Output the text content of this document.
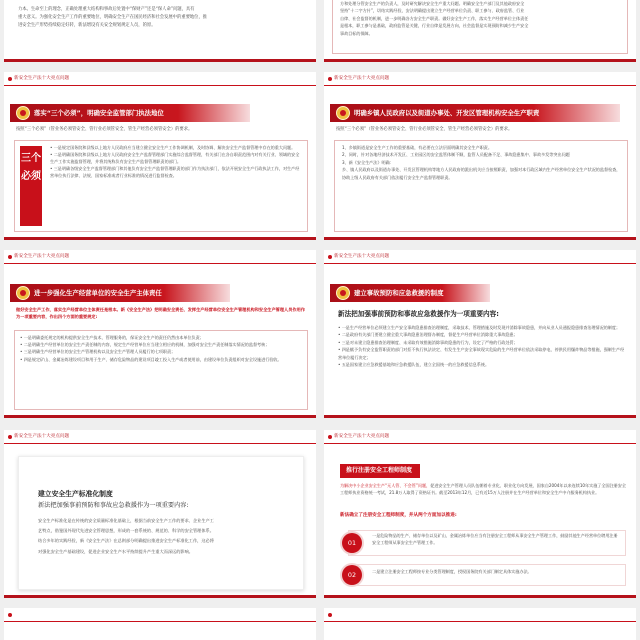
力本。生命至上的理念，正确处理重大结构和事故后处置中“保财产”还是“保人命”问题，具有

重大意义。为强化安全生产工作的重要地位，明确安全生产在国民经济和社会发展中的重要地位，推

进安全生产形势持续稳定好转，新法增设有关安全规划规定人员，的原。

方和处理分管安全生产的负责人，及时研究解决安全生产重大问题。明确安全生产部门及其他政府安全

坚持“十二字方针”，切结实践经验，安法明确提出建立生产经营单位负责、职工参与、政府监管、行业

自律、社会监督的机制，进一步明确各方安全生产职责。做好安全生产工作，落实生产经营单位主体责任

是根本，职工参与是基础，政府监管是关键，行业自律是发展方向，社会监督是实现预防和减少生产安全

事故目标的保障。

新安全生产法十大亮点问题
落实“三个必须”，明确安全监管部门执法地位
按照“三个必须”（管业务必须管安全、管行业必须管安全、管生产经营必须管安全）的要求。
三个必须

• 一是规定国务院和县级以上地方人民政府应当建立健全安全生产工作协调机制，及时协调、解决安全生产监督管理中存在的重大问题。

• 二是明确国务院和县级以上地方人民政府安全生产监督管理部门实施综合监督管理，有关部门在各自职责范围内对有关行业、领域的安全生产工作实施监督管理，并将其统称负有安全生产监督管理职责的部门。

• 三是明确各级安全生产监督管理部门和其他负有安全生产监督管理职责的部门作为执法部门，依法开展安全生产行政执法工作，对生产经营单位执行法律、法规、国家标准或者行业标准的情况进行监督检查。

新安全生产法十大亮点问题
明确乡镇人民政府以及街道办事处、开发区管理机构安全生产职责
按照“三个必须”（管业务必须管安全、管行业必须管安全、管生产经营必须管安全）的要求。

1、乡镇街道是安全生产工作的重要基础，有必要在立法层面明确其安全生产职责。

2、同时，针对各地经济技术开发区、工业园区的安全监管体制不顺，监管人员配备不足、事故隐患集中、事故多发等突出问题

3、新《安全生产法》明确：

乡、镇人民政府以及街道办事处、开发区管理机构等地方人民政府的派出机关应当按照职责，加强对本行政区域内生产经营单位安全生产状况的监督检查，协助上级人民政府有关部门依法履行安全生产监督管理职责。

新安全生产法十大亮点问题
进一步强化生产经营单位的安全生产主体责任
做好安全生产工作，落实生产经营单位主体责任是根本。新《安全生产法》把明确安全责任、发挥生产经营单位安全生产管理机构和安全生产管理人员作用作为一项重要内容，作出四个方面的重要规定:

• 一是明确委托规定的机构提供安全生产技术、管理服务的，保证安全生产的责任仍然由本单位负责；

• 二是明确生产经营单位的安全生产责任制的内容，规定生产经营单位应当建立相应的机制，加强对安全生产责任制落实情况的监督考核；

• 三是明确生产经营单位的安全生产管理机构以及安全生产管理人员履行的七项职责；

• 四是规定矿山、金属冶炼建设项目和用于生产、储存危险物品的建设项目竣工投入生产或者使用前，由建设单位负责组织对安全设施进行验收。

新安全生产法十大亮点问题
建立事故预防和应急救援的制度
新法把加强事前预防和事故应急救援作为一项重要内容:

• 一是生产经营单位必须建立生产安全事故隐患排查治理制度，采取技术、管理措施及时发现并消除事故隐患，并向从业人员通报隐患排查治理情况的制度；

• 二是政府有关部门要建立健全重大事故隐患治理督办制度，督促生产经营单位消除重大事故隐患；

• 三是对未建立隐患排查治理制度、未采取有效措施消除事故隐患的行为，设定了严格的行政处罚；

• 四是赋予负有安全监管职责的部门对拒不执行执法决定、有发生生产安全事故现实危险的生产经营单位依法采取停电、停供民用爆炸物品等措施，强制生产经营单位履行决定；

• 五是国家建立应急救援基地和应急救援队伍，建立全国统一的应急救援信息系统。

新安全生产法十大亮点问题
建立安全生产标准化制度
新法把加强事前预防和事故应急救援作为一项重要内容:

安全生产标准化是在传统的安全质量标准化基础上，根据当前安全生产工作的要求、企业生产工

艺特点，借鉴国外现代先进安全管理思想，形成的一套系统的、规范的、科学的安全管理体系。

结合多年的实践经验，新《安全生产法》在总则部分明确提出推进安全生产标准化工作，这必将

对强化安全生产基础建设，促进企业安全生产水平持续提升产生重大而深远的影响。

新安全生产法十大亮点问题
推行注册安全工程师制度
为解决中小企业安全生产“无人管、不会管”问题，促进安全生产管理人员队伍朝着专业化、职业化方向发展，国家自2004年以来连续10年实施了全国注册安全工程师执业资格统一考试，21.8万人取得了资格证书。截至2013年12月，已有近15万人注册并在生产经营单位和安全生产中介服务机构执业。
新法确立了注册安全工程师制度，并从两个方面加以推进:
01
一是危险物品的生产、储存单位以及矿山、金属冶炼单位应当有注册安全工程师从事安全生产管理工作，鼓励其他生产经营单位聘用注册安全工程师从事安全生产管理工作。
02	二是建立注册安全工程师按专业分类管理制度，授权国务院有关部门制定具体实施办法。
